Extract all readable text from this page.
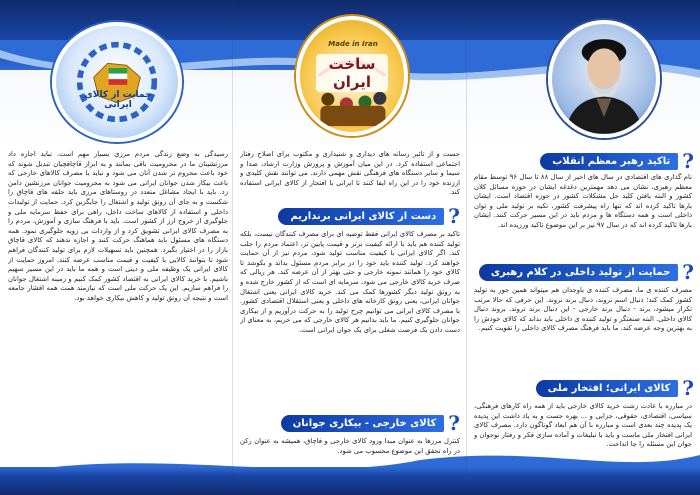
حمایت از کالای ایرانی
Made in Iran
ساخت ایران
?
تاکید رهبر معظم انقلاب
نام گذاری های اقتصادی در سال های اخیر از سال ۸۸ تا سال ۹۶ توسط مقام معظم رهبری، نشان می دهد مهمترین دغدغه ایشان در حوزه مسائل کلان کشور و البته یافتن کلید حل مشکلات کشور در حوزه اقتصاد است. ایشان بارها تاکید کرده اند که تنها راه پیشرفت کشور، تکیه بر تولید ملی و توان داخلی است و همه دستگاه ها و مردم باید در این مسیر حرکت کنند. ایشان بارها تاکید کرده اند که در سال ۹۷ نیز بر این موضوع تاکید ورزیده اند.
?
حمایت از تولید داخلی در کلام رهبری
مصرف کننده ی ما، مصرف کننده ی باوجدان هم میتواند همین جور به تولید کشور کمک کند؛ دنبال اسم نروند، دنبال برند نروند. این حرفی که حالا مرتب تکرار میشود، برند - دنبال برند خارجی - این دنبال برند نروند. بروند دنبال کالای داخلی. البته صنعتگر و تولید کننده ی داخلی باید بداند که کالای خودش را به بهترین وجه عرضه کند. ما باید فرهنگ مصرف کالای داخلی را تقویت کنیم.
?
کالای ایرانی؛ افتخار ملی
در مبارزه با عادت زشت خرید کالای خارجی باید از همه راه کارهای فرهنگی، سیاسی، اقتصادی، حقوقی، جزایی و ... بهره جست و به یاد داشت این پدیده یک پدیده چند بعدی است و مبارزه با آن هم ابعاد گوناگون دارد. مصرف کالای ایرانی افتخار ملی ماست و باید با تبلیغات و آماده سازی فکر و رفتار نوجوان و جوان این مسئله را جا انداخت.
جست و از تاثیر رسانه های دیداری و شنیداری و مکتوب برای اصلاح رفتار اجتماعی استفاده کرد. در این میان آموزش و پرورش وزارت ارشاد، صدا و سیما و سایر دستگاه های فرهنگی نقش مهمی دارند. می توانند نقش کلیدی و ارزنده خود را در این راه ایفا کنند تا ایرانی با افتخار از کالای ایرانی استفاده کند.
?
دست از کالای ایرانی برنداریم
تاکید بر مصرف کالای ایرانی فقط توصیه ای برای مصرف کنندگان نیست، بلکه تولید کننده هم باید با ارائه کیفیت برتر و قیمت پایین تر، اعتماد مردم را جلب کند. اگر کالای ایرانی با کیفیت مناسب تولید شود، مردم نیز از آن حمایت خواهند کرد. تولید کننده باید خود را در برابر مردم مسئول بداند و بکوشد تا کالای خود را همانند نمونه خارجی و حتی بهتر از آن عرضه کند. هر ریالی که صرف خرید کالای خارجی می شود، سرمایه ای است که از کشور خارج شده و به رونق تولید دیگر کشورها کمک می کند. خرید کالای ایرانی یعنی اشتغال جوانان ایرانی، یعنی رونق کارخانه های داخلی و یعنی استقلال اقتصادی کشور. با مصرف کالای ایرانی می توانیم چرخ تولید را به حرکت درآوریم و از بیکاری جوانان جلوگیری کنیم. ما باید بدانیم هر کالای خارجی که می خریم، به معنای از دست دادن یک فرصت شغلی برای یک جوان ایرانی است.
?
کالای خارجی - بیکاری جوانان
کنترل مرزها به عنوان مبدا ورود کالای خارجی و قاچاق، همیشه به عنوان رکن در راه تحقق این موضوع محسوب می شود.
رسیدگی به وضع زندگی مردم مرزی بسیار مهم است. نباید اجازه داد مرزنشینان ما در محرومیت باقی بمانند و به ابزار قاچاقچیان تبدیل شوند که خود باعث محروم تر شدن آنان می شود و نباید با مصرف کالاهای خارجی که باعث بیکار شدن جوانان ایرانی می شود به محرومیت جوانان مرزنشین دامن زد. باید با ایجاد مشاغل متعدد در روستاهای مرزی باید حلقه های قاچاق را شکست و به جای آن رونق تولید و اشتغال را جایگزین کرد. حمایت از تولیدات داخلی و استفاده از کالاهای ساخت داخل، راهی برای حفظ سرمایه ملی و جلوگیری از خروج ارز از کشور است. باید با فرهنگ سازی و آموزش، مردم را به مصرف کالای ایرانی تشویق کرد و از واردات بی رویه جلوگیری نمود. همه دستگاه های مسئول باید هماهنگ حرکت کنند و اجازه ندهند که کالای قاچاق بازار را در اختیار بگیرد. همچنین باید تسهیلات لازم برای تولید کنندگان فراهم شود تا بتوانند کالایی با کیفیت و قیمت مناسب عرضه کنند. امروز حمایت از کالای ایرانی یک وظیفه ملی و دینی است و همه ما باید در این مسیر سهیم باشیم. با خرید کالای ایرانی به اقتصاد کشور کمک کنیم و زمینه اشتغال جوانان را فراهم سازیم. این یک حرکت ملی است که نیازمند همت همه اقشار جامعه است و نتیجه آن رونق تولید و کاهش بیکاری خواهد بود.
